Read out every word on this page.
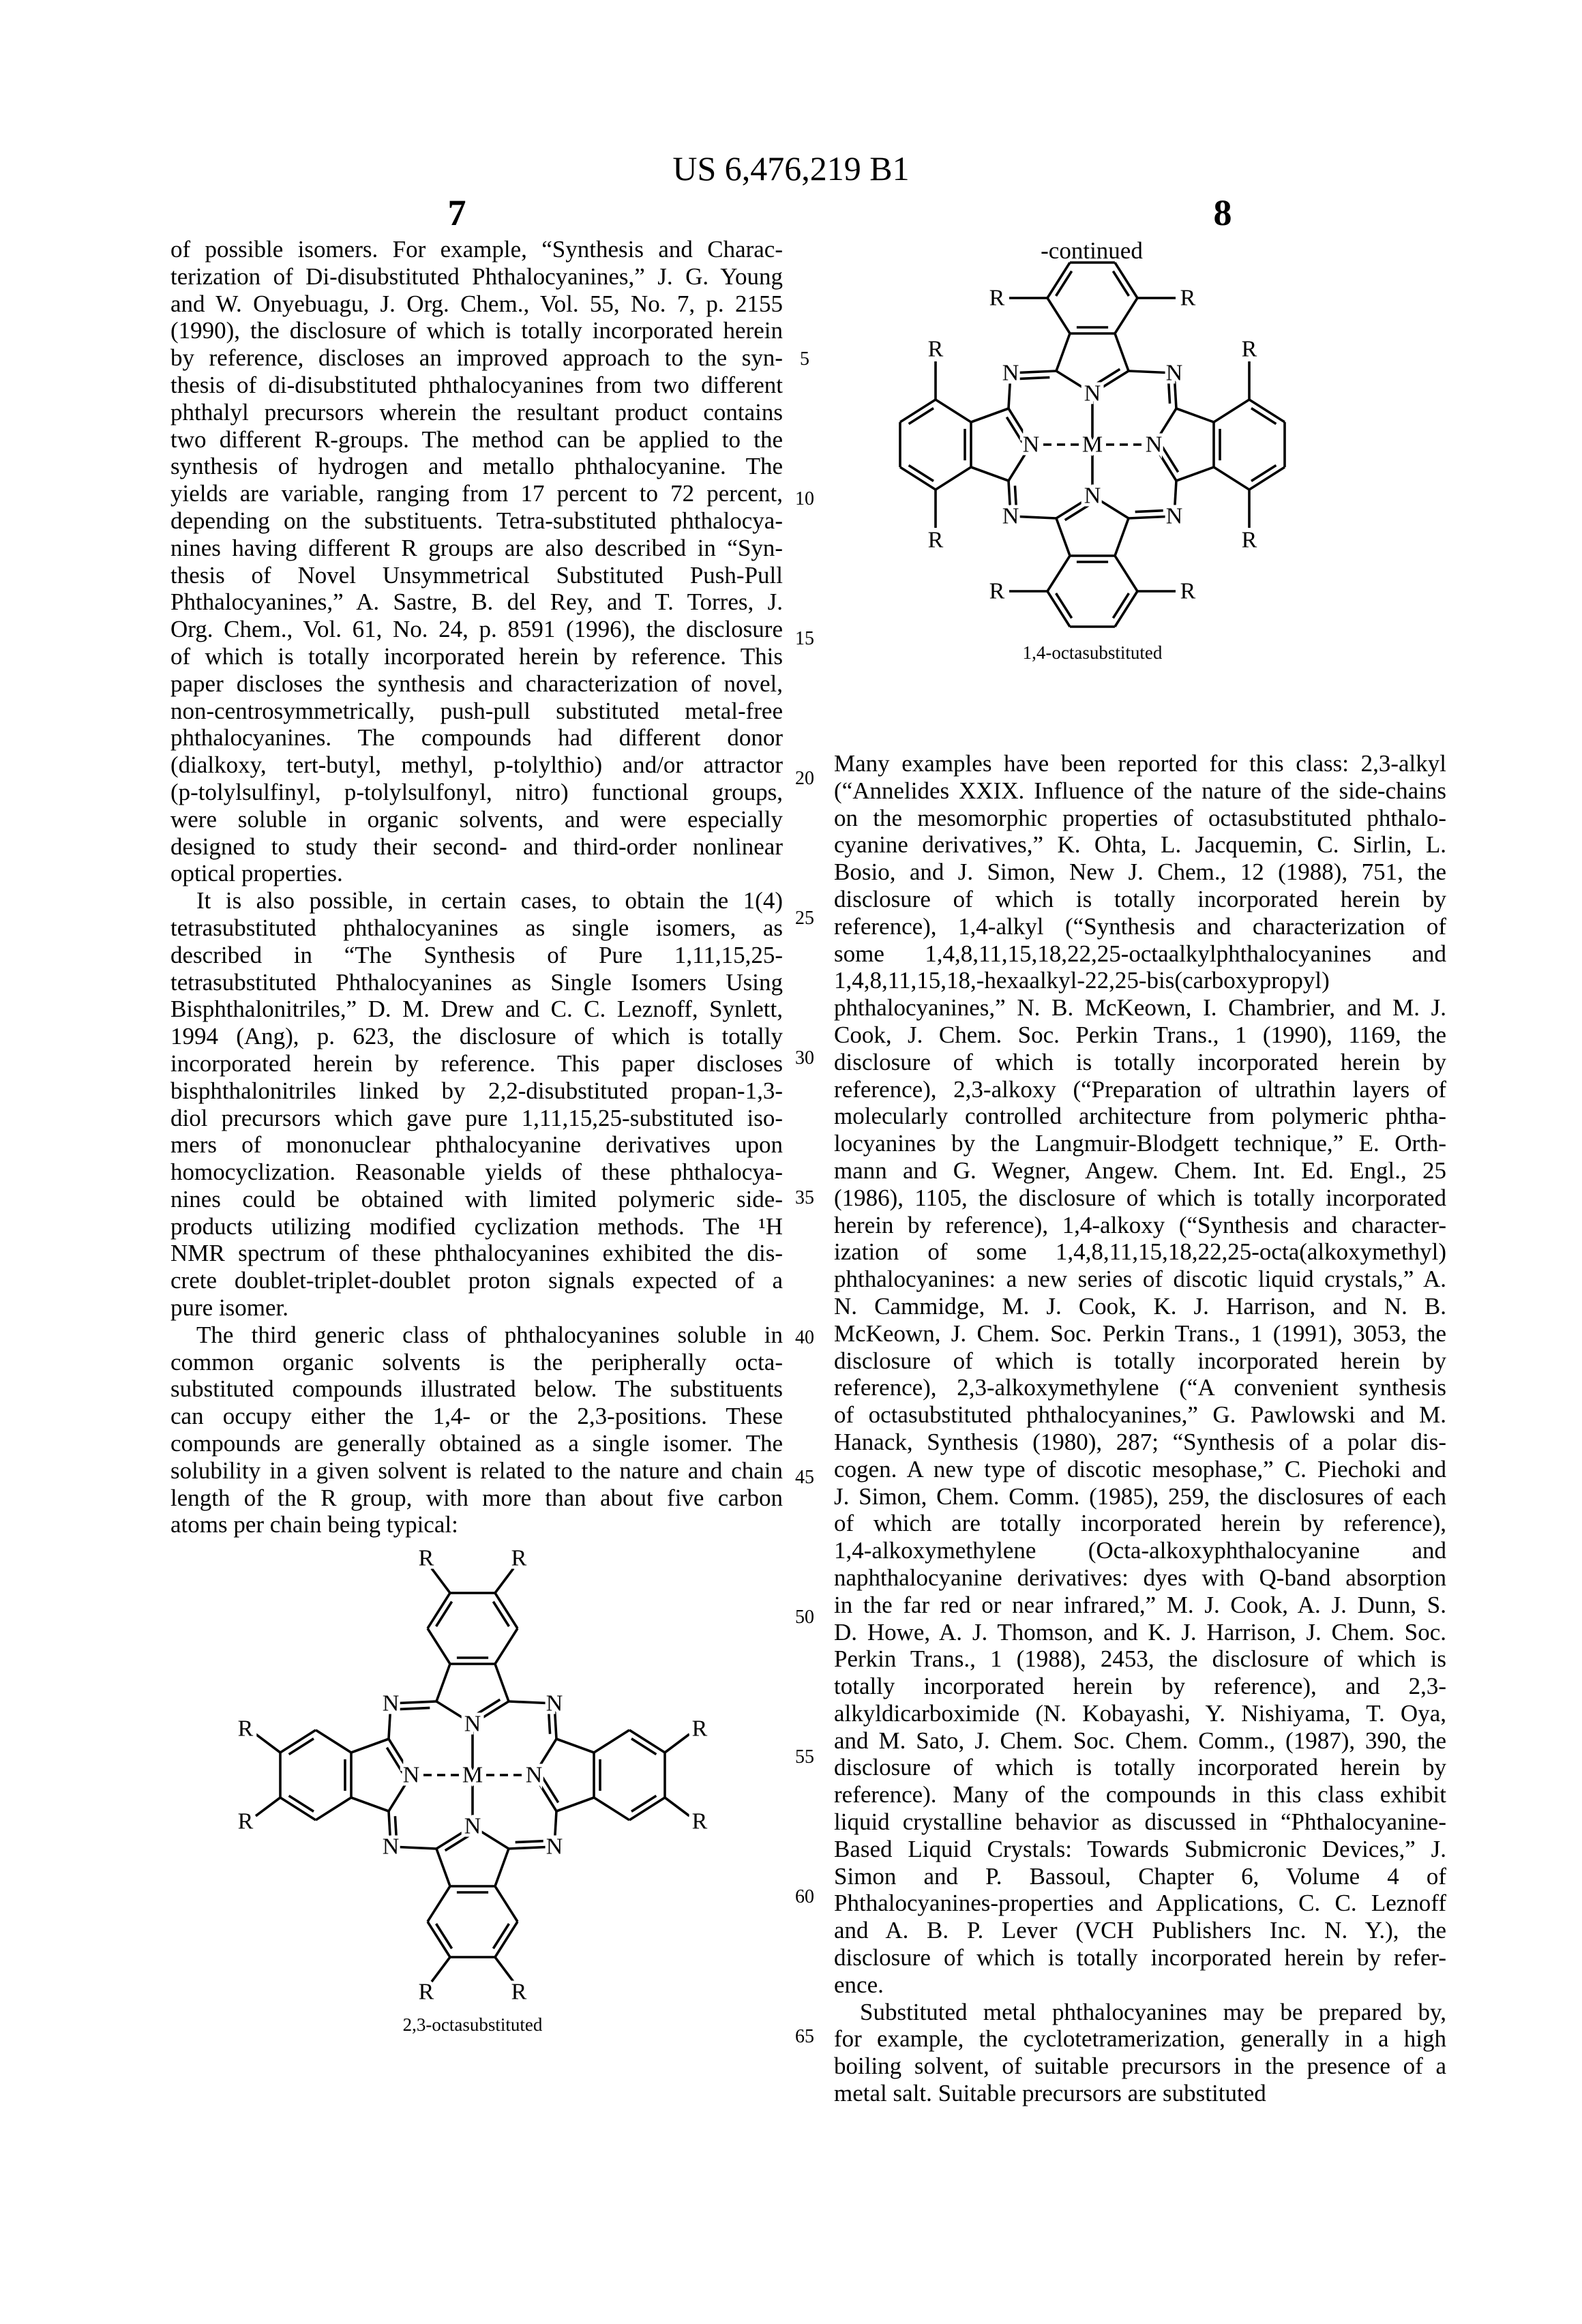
US 6,476,219 B1
7	8
of possible isomers. For example, “Synthesis and Charac-
terization of Di-disubstituted Phthalocyanines,” J. G. Young
and W. Onyebuagu, J. Org. Chem., Vol. 55, No. 7, p. 2155
(1990), the disclosure of which is totally incorporated herein
by reference, discloses an improved approach to the syn-
thesis of di-disubstituted phthalocyanines from two different
phthalyl precursors wherein the resultant product contains
two different R-groups. The method can be applied to the
synthesis of hydrogen and metallo phthalocyanine. The
yields are variable, ranging from 17 percent to 72 percent,
depending on the substituents. Tetra-substituted phthalocya-
nines having different R groups are also described in “Syn-
thesis of Novel Unsymmetrical Substituted Push-Pull
Phthalocyanines,” A. Sastre, B. del Rey, and T. Torres, J.
Org. Chem., Vol. 61, No. 24, p. 8591 (1996), the disclosure
of which is totally incorporated herein by reference. This
paper discloses the synthesis and characterization of novel,
non-centrosymmetrically, push-pull substituted metal-free
phthalocyanines. The compounds had different donor
(dialkoxy, tert-butyl, methyl, p-tolylthio) and/or attractor
(p-tolylsulfinyl, p-tolylsulfonyl, nitro) functional groups,
were soluble in organic solvents, and were especially
designed to study their second- and third-order nonlinear
optical properties.
It is also possible, in certain cases, to obtain the 1(4)
tetrasubstituted phthalocyanines as single isomers, as
described in “The Synthesis of Pure 1,11,15,25-
tetrasubstituted Phthalocyanines as Single Isomers Using
Bisphthalonitriles,” D. M. Drew and C. C. Leznoff, Synlett,
1994 (Ang), p. 623, the disclosure of which is totally
incorporated herein by reference. This paper discloses
bisphthalonitriles linked by 2,2-disubstituted propan-1,3-
diol precursors which gave pure 1,11,15,25-substituted iso-
mers of mononuclear phthalocyanine derivatives upon
homocyclization. Reasonable yields of these phthalocya-
nines could be obtained with limited polymeric side-
products utilizing modified cyclization methods. The ¹H
NMR spectrum of these phthalocyanines exhibited the dis-
crete doublet-triplet-doublet proton signals expected of a
pure isomer.
The third generic class of phthalocyanines soluble in
common organic solvents is the peripherally octa-
substituted compounds illustrated below. The substituents
can occupy either the 1,4- or the 2,3-positions. These
compounds are generally obtained as a single isomer. The
solubility in a given solvent is related to the nature and chain
length of the R group, with more than about five carbon
atoms per chain being typical:
Many examples have been reported for this class: 2,3-alkyl
(“Annelides XXIX. Influence of the nature of the side-chains
on the mesomorphic properties of octasubstituted phthalo-
cyanine derivatives,” K. Ohta, L. Jacquemin, C. Sirlin, L.
Bosio, and J. Simon, New J. Chem., 12 (1988), 751, the
disclosure of which is totally incorporated herein by
reference), 1,4-alkyl (“Synthesis and characterization of
some 1,4,8,11,15,18,22,25-octaalkylphthalocyanines and
1,4,8,11,15,18,-hexaalkyl-22,25-bis(carboxypropyl)
phthalocyanines,” N. B. McKeown, I. Chambrier, and M. J.
Cook, J. Chem. Soc. Perkin Trans., 1 (1990), 1169, the
disclosure of which is totally incorporated herein by
reference), 2,3-alkoxy (“Preparation of ultrathin layers of
molecularly controlled architecture from polymeric phtha-
locyanines by the Langmuir-Blodgett technique,” E. Orth-
mann and G. Wegner, Angew. Chem. Int. Ed. Engl., 25
(1986), 1105, the disclosure of which is totally incorporated
herein by reference), 1,4-alkoxy (“Synthesis and character-
ization of some 1,4,8,11,15,18,22,25-octa(alkoxymethyl)
phthalocyanines: a new series of discotic liquid crystals,” A.
N. Cammidge, M. J. Cook, K. J. Harrison, and N. B.
McKeown, J. Chem. Soc. Perkin Trans., 1 (1991), 3053, the
disclosure of which is totally incorporated herein by
reference), 2,3-alkoxymethylene (“A convenient synthesis
of octasubstituted phthalocyanines,” G. Pawlowski and M.
Hanack, Synthesis (1980), 287; “Synthesis of a polar dis-
cogen. A new type of discotic mesophase,” C. Piechoki and
J. Simon, Chem. Comm. (1985), 259, the disclosures of each
of which are totally incorporated herein by reference),
1,4-alkoxymethylene (Octa-alkoxyphthalocyanine and
naphthalocyanine derivatives: dyes with Q-band absorption
in the far red or near infrared,” M. J. Cook, A. J. Dunn, S.
D. Howe, A. J. Thomson, and K. J. Harrison, J. Chem. Soc.
Perkin Trans., 1 (1988), 2453, the disclosure of which is
totally incorporated herein by reference), and 2,3-
alkyldicarboximide (N. Kobayashi, Y. Nishiyama, T. Oya,
and M. Sato, J. Chem. Soc. Chem. Comm., (1987), 390, the
disclosure of which is totally incorporated herein by
reference). Many of the compounds in this class exhibit
liquid crystalline behavior as discussed in “Phthalocyanine-
Based Liquid Crystals: Towards Submicronic Devices,” J.
Simon and P. Bassoul, Chapter 6, Volume 4 of
Phthalocyanines-properties and Applications, C. C. Leznoff
and A. B. P. Lever (VCH Publishers Inc. N. Y.), the
disclosure of which is totally incorporated herein by refer-
ence.
Substituted metal phthalocyanines may be prepared by,
for example, the cyclotetramerization, generally in a high
boiling solvent, of suitable precursors in the presence of a
metal salt. Suitable precursors are substituted
5
10
15
20
25
30
35
40
45
50
55
60
65
-continued
N
R	R
N
R
R
N
R
R
N
R
R
N	N
N
N
M
1,4-octasubstituted
N
R	R
N
R
R
N
R
R
N
R
R
N	N
N
N
M
2,3-octasubstituted
